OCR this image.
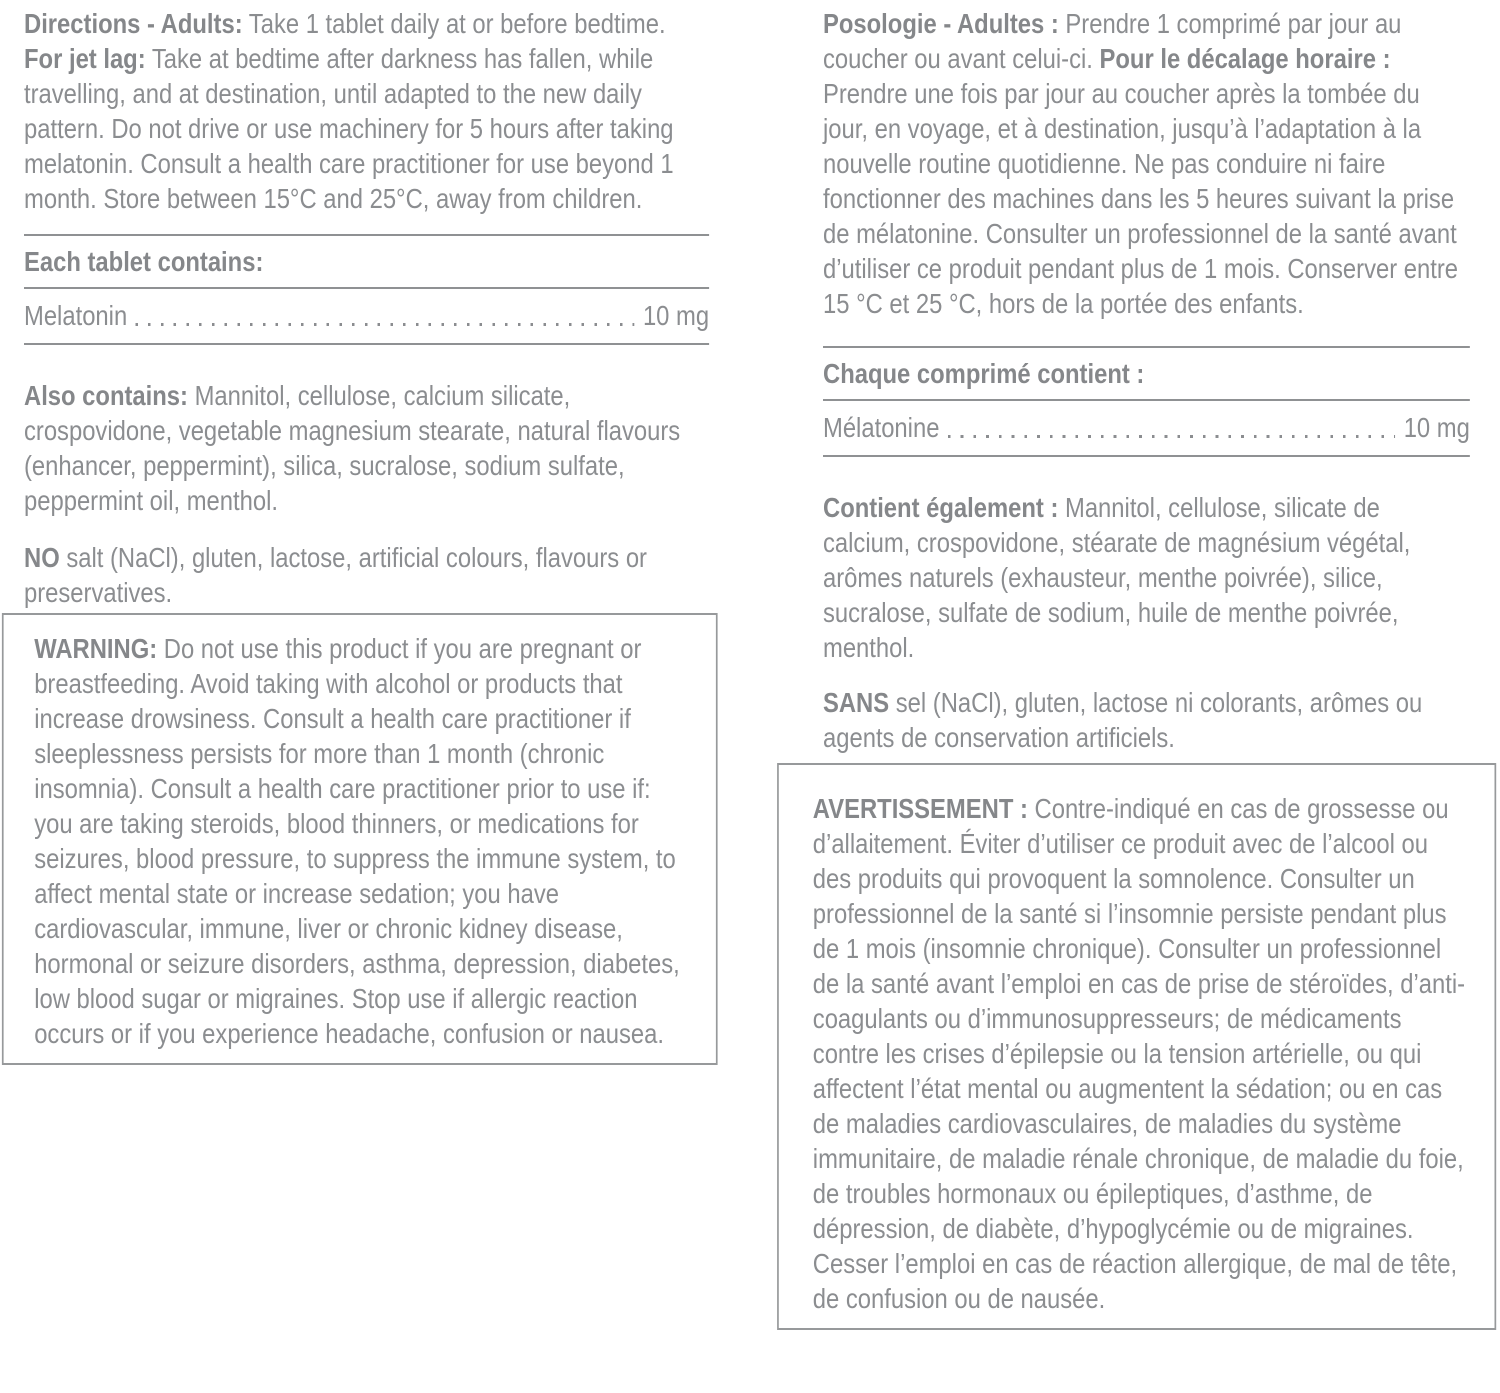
Directions - Adults: Take 1 tablet daily at or before bedtime. For jet lag: Take at bedtime after darkness has fallen, while travelling, and at destination, until adapted to the new daily pattern. Do not drive or use machinery for 5 hours after taking melatonin. Consult a health care practitioner for use beyond 1 month. Store between 15°C and 25°C, away from children.

Each tablet contains:
Melatonin	10 mg

Also contains: Mannitol, cellulose, calcium silicate, crospovidone, vegetable magnesium stearate, natural flavours (enhancer, peppermint), silica, sucralose, sodium sulfate, peppermint oil, menthol.

NO salt (NaCl), gluten, lactose, artificial colours, flavours or preservatives.

WARNING: Do not use this product if you are pregnant or breastfeeding. Avoid taking with alcohol or products that increase drowsiness. Consult a health care practitioner if sleeplessness persists for more than 1 month (chronic insomnia). Consult a health care practitioner prior to use if: you are taking steroids, blood thinners, or medications for seizures, blood pressure, to suppress the immune system, to affect mental state or increase sedation; you have cardiovascular, immune, liver or chronic kidney disease, hormonal or seizure disorders, asthma, depression, diabetes, low blood sugar or migraines. Stop use if allergic reaction occurs or if you experience headache, confusion or nausea.

Posologie - Adultes : Prendre 1 comprimé par jour au coucher ou avant celui-ci. Pour le décalage horaire : Prendre une fois par jour au coucher après la tombée du jour, en voyage, et à destination, jusqu’à l’adaptation à la nouvelle routine quotidienne. Ne pas conduire ni faire fonctionner des machines dans les 5 heures suivant la prise de mélatonine. Consulter un professionnel de la santé avant d’utiliser ce produit pendant plus de 1 mois. Conserver entre 15 °C et 25 °C, hors de la portée des enfants.

Chaque comprimé contient :
Mélatonine	10 mg

Contient également : Mannitol, cellulose, silicate de calcium, crospovidone, stéarate de magnésium végétal, arômes naturels (exhausteur, menthe poivrée), silice, sucralose, sulfate de sodium, huile de menthe poivrée, menthol.

SANS sel (NaCl), gluten, lactose ni colorants, arômes ou agents de conservation artificiels.

AVERTISSEMENT : Contre-indiqué en cas de grossesse ou d’allaitement. Éviter d’utiliser ce produit avec de l’alcool ou des produits qui provoquent la somnolence. Consulter un professionnel de la santé si l’insomnie persiste pendant plus de 1 mois (insomnie chronique). Consulter un professionnel de la santé avant l’emploi en cas de prise de stéroïdes, d’anti-coagulants ou d’immunosuppresseurs; de médicaments contre les crises d’épilepsie ou la tension artérielle, ou qui affectent l’état mental ou augmentent la sédation; ou en cas de maladies cardiovasculaires, de maladies du système immunitaire, de maladie rénale chronique, de maladie du foie, de troubles hormonaux ou épileptiques, d’asthme, de dépression, de diabète, d’hypoglycémie ou de migraines. Cesser l’emploi en cas de réaction allergique, de mal de tête, de confusion ou de nausée.
